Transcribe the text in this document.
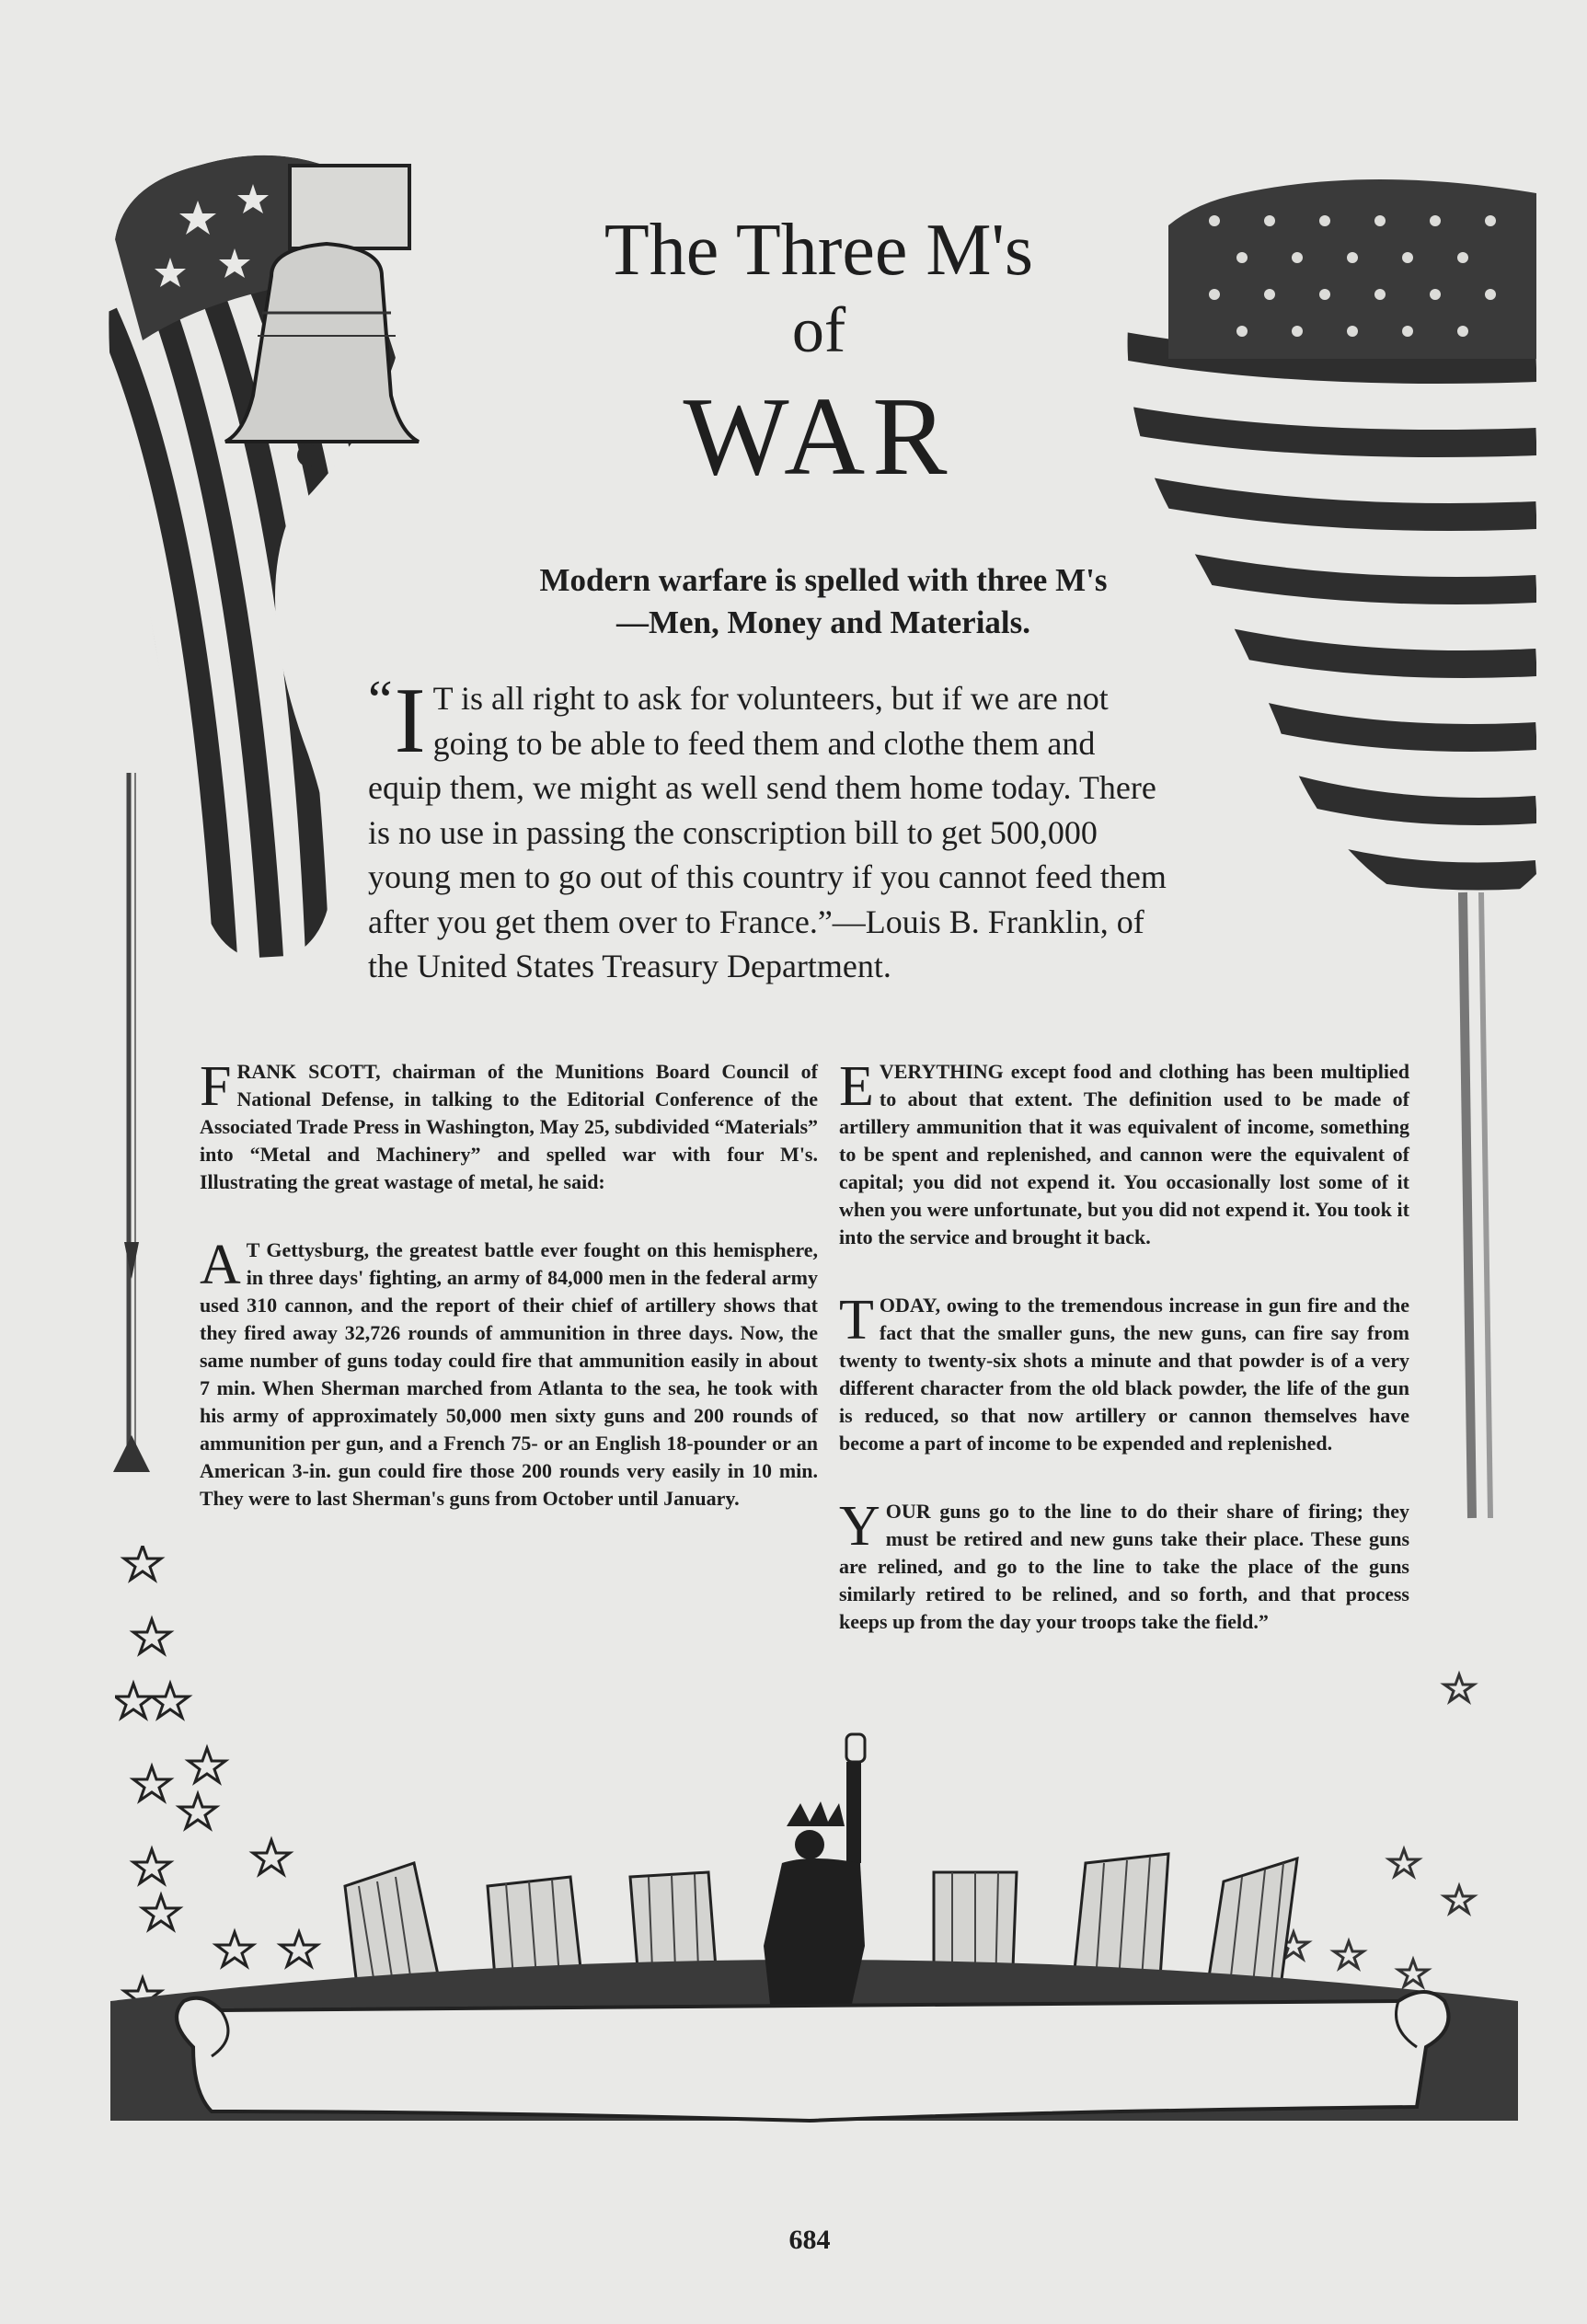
The Three M's
of
WAR
Modern warfare is spelled with three M's
—Men, Money and Materials.
“ I T is all right to ask for volunteers, but if we are not going to be able to feed them and clothe them and equip them, we might as well send them home today. There is no use in passing the conscription bill to get 500,000 young men to go out of this country if you cannot feed them after you get them over to France.”—Louis B. Franklin, of the United States Treasury Department.

FRANK SCOTT, chairman of the Munitions Board Council of National Defense, in talking to the Editorial Conference of the Associated Trade Press in Washington, May 25, subdivided “Materials” into “Metal and Machinery” and spelled war with four M's. Illustrating the great wastage of metal, he said:

A T Gettysburg, the greatest battle ever fought on this hemisphere, in three days' fighting, an army of 84,000 men in the federal army used 310 cannon, and the report of their chief of artillery shows that they fired away 32,726 rounds of ammunition in three days. Now, the same number of guns today could fire that ammunition easily in about 7 min. When Sherman marched from Atlanta to the sea, he took with his army of approximately 50,000 men sixty guns and 200 rounds of ammunition per gun, and a French 75- or an English 18-pounder or an American 3-in. gun could fire those 200 rounds very easily in 10 min. They were to last Sherman's guns from October until January.

EVERYTHING except food and clothing has been multiplied to about that extent. The definition used to be made of artillery ammunition that it was equivalent of income, something to be spent and replenished, and cannon were the equivalent of capital; you did not expend it. You occasionally lost some of it when you were unfortunate, but you did not expend it. You took it into the service and brought it back.

TODAY, owing to the tremendous increase in gun fire and the fact that the smaller guns, the new guns, can fire say from twenty to twenty-six shots a minute and that powder is of a very different character from the old black powder, the life of the gun is reduced, so that now artillery or cannon themselves have become a part of income to be expended and replenished.

YOUR guns go to the line to do their share of firing; they must be retired and new guns take their place. These guns are relined, and go to the line to take the place of the guns similarly retired to be relined, and so forth, and that process keeps up from the day your troops take the field.”

684
